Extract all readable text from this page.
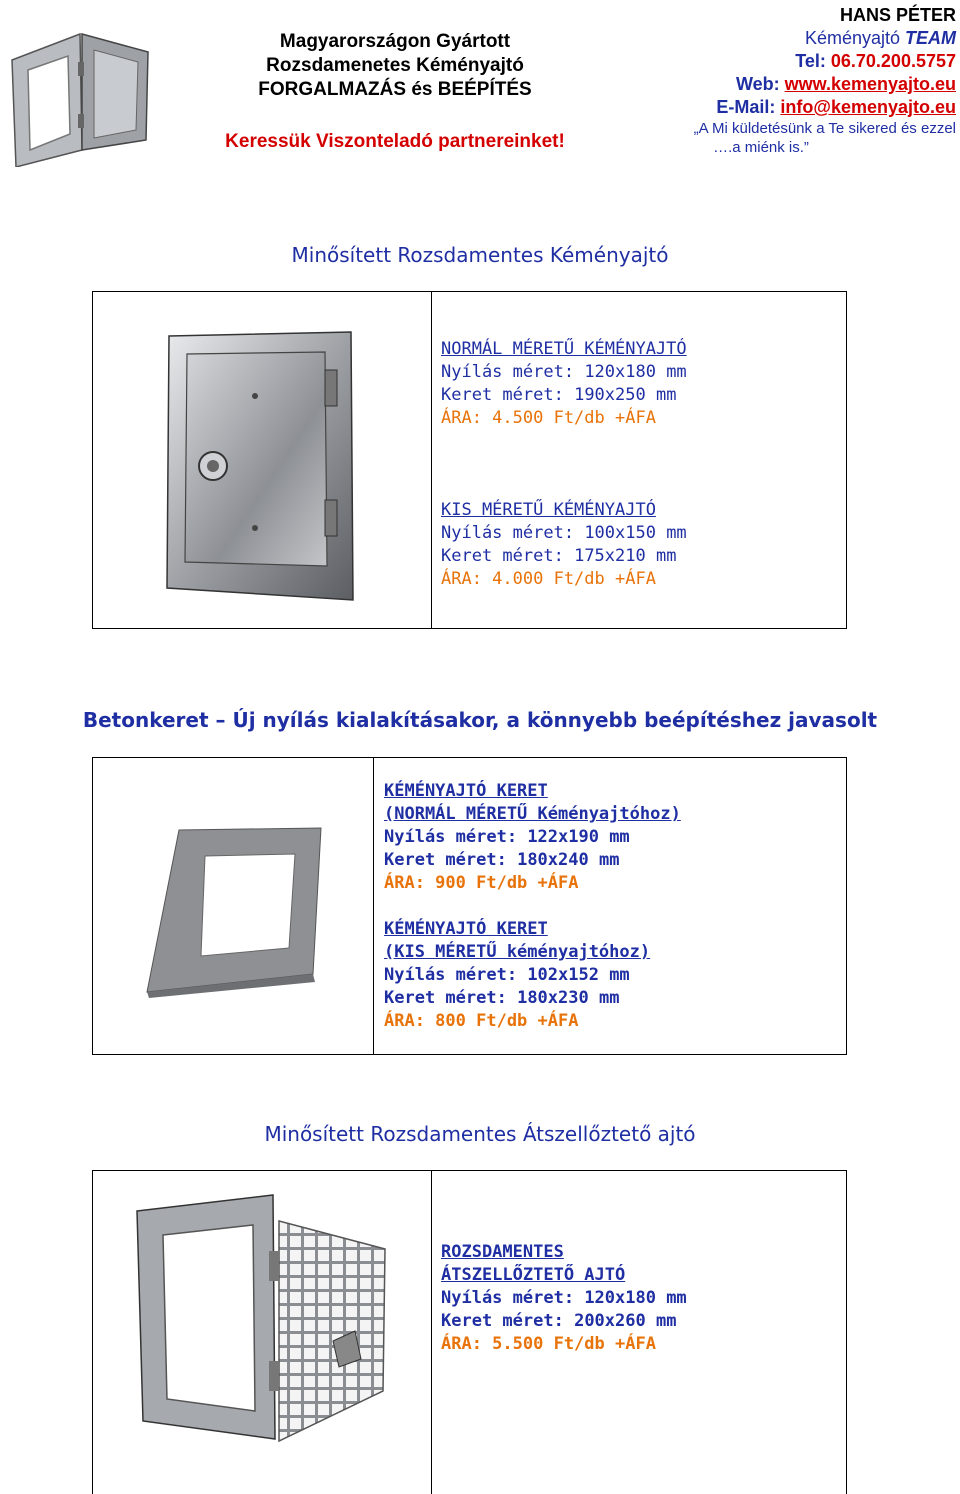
Magyarországon Gyártott
Rozsdamenetes Kéményajtó
FORGALMAZÁS és BEÉPÍTÉS
Keressük Viszonteladó partnereinket!
HANS PÉTER
Kéményajtó TEAM
Tel: 06.70.200.5757
Web: www.kemenyajto.eu
E-Mail: info@kemenyajto.eu
„A Mi küldetésünk a Te sikered és ezzel
….a miénk is.”
Minősített Rozsdamentes Kéményajtó
NORMÁL MÉRETŰ KÉMÉNYAJTÓ
Nyílás méret: 120x180 mm
Keret méret: 190x250 mm
ÁRA: 4.500 Ft/db +ÁFA
KIS MÉRETŰ KÉMÉNYAJTÓ
Nyílás méret: 100x150 mm
Keret méret: 175x210 mm
ÁRA: 4.000 Ft/db +ÁFA
Betonkeret – Új nyílás kialakításakor, a könnyebb beépítéshez javasolt
KÉMÉNYAJTÓ KERET
(NORMÁL MÉRETŰ Kéményajtóhoz)
Nyílás méret: 122x190 mm
Keret méret: 180x240 mm
ÁRA: 900 Ft/db +ÁFA
KÉMÉNYAJTÓ KERET
(KIS MÉRETŰ kéményajtóhoz)
Nyílás méret: 102x152 mm
Keret méret: 180x230 mm
ÁRA: 800 Ft/db +ÁFA
Minősített Rozsdamentes Átszellőztető ajtó
ROZSDAMENTES
ÁTSZELLŐZTETŐ AJTÓ
Nyílás méret: 120x180 mm
Keret méret: 200x260 mm
ÁRA: 5.500 Ft/db +ÁFA
